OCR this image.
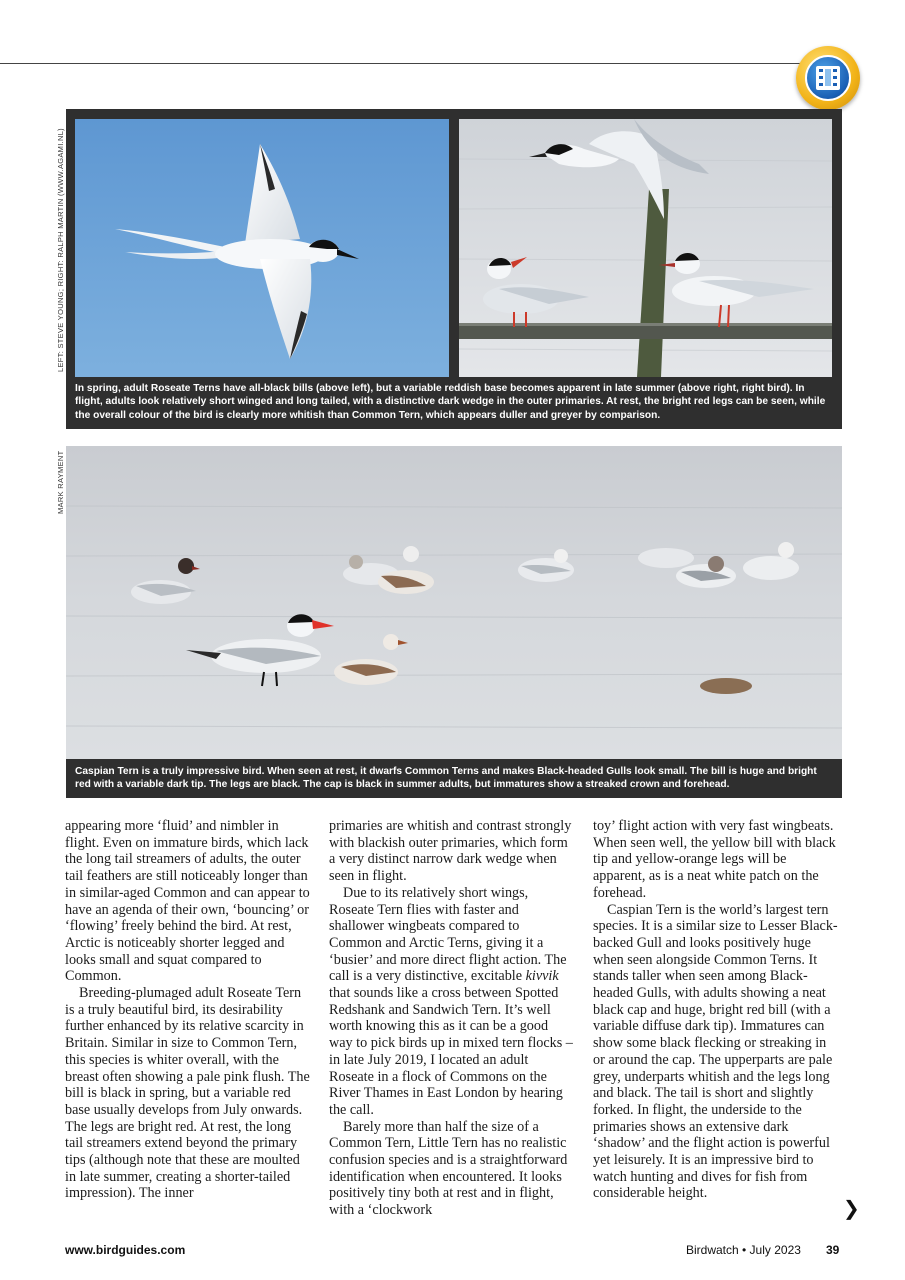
LEFT: STEVE YOUNG; RIGHT: RALPH MARTIN (WWW.AGAMI.NL)
MARK RAYMENT
In spring, adult Roseate Terns have all-black bills (above left), but a variable reddish base becomes apparent in late summer (above right, right bird). In flight, adults look relatively short winged and long tailed, with a distinctive dark wedge in the outer primaries. At rest, the bright red legs can be seen, while the overall colour of the bird is clearly more whitish than Common Tern, which appears duller and greyer by comparison.
Caspian Tern is a truly impressive bird. When seen at rest, it dwarfs Common Terns and makes Black-headed Gulls look small. The bill is huge and bright red with a variable dark tip. The legs are black. The cap is black in summer adults, but immatures show a streaked crown and forehead.

appearing more ‘fluid’ and nimbler in flight. Even on immature birds, which lack the long tail streamers of adults, the outer tail feathers are still noticeably longer than in similar-aged Common and can appear to have an agenda of their own, ‘bouncing’ or ‘flowing’ freely behind the bird. At rest, Arctic is noticeably shorter legged and looks small and squat compared to Common.

Breeding-plumaged adult Roseate Tern is a truly beautiful bird, its desirability further enhanced by its relative scarcity in Britain. Similar in size to Common Tern, this species is whiter overall, with the breast often showing a pale pink flush. The bill is black in spring, but a variable red base usually develops from July onwards. The legs are bright red. At rest, the long tail streamers extend beyond the primary tips (although note that these are moulted in late summer, creating a shorter-tailed impression). The inner

primaries are whitish and contrast strongly with blackish outer primaries, which form a very distinct narrow dark wedge when seen in flight.

Due to its relatively short wings, Roseate Tern flies with faster and shallower wingbeats compared to Common and Arctic Terns, giving it a ‘busier’ and more direct flight action. The call is a very distinctive, excitable kivvik that sounds like a cross between Spotted Redshank and Sandwich Tern. It’s well worth knowing this as it can be a good way to pick birds up in mixed tern flocks – in late July 2019, I located an adult Roseate in a flock of Commons on the River Thames in East London by hearing the call.

Barely more than half the size of a Common Tern, Little Tern has no realistic confusion species and is a straightforward identification when encountered. It looks positively tiny both at rest and in flight, with a ‘clockwork

toy’ flight action with very fast wingbeats. When seen well, the yellow bill with black tip and yellow-orange legs will be apparent, as is a neat white patch on the forehead.

Caspian Tern is the world’s largest tern species. It is a similar size to Lesser Black-backed Gull and looks positively huge when seen alongside Common Terns. It stands taller when seen among Black-headed Gulls, with adults showing a neat black cap and huge, bright red bill (with a variable diffuse dark tip). Immatures can show some black flecking or streaking in or around the cap. The upperparts are pale grey, underparts whitish and the legs long and black. The tail is short and slightly forked. In flight, the underside to the primaries shows an extensive dark ‘shadow’ and the flight action is powerful yet leisurely. It is an impressive bird to watch hunting and dives for fish from considerable height.

❯
www.birdguides.com	Birdwatch • July 2023 39
